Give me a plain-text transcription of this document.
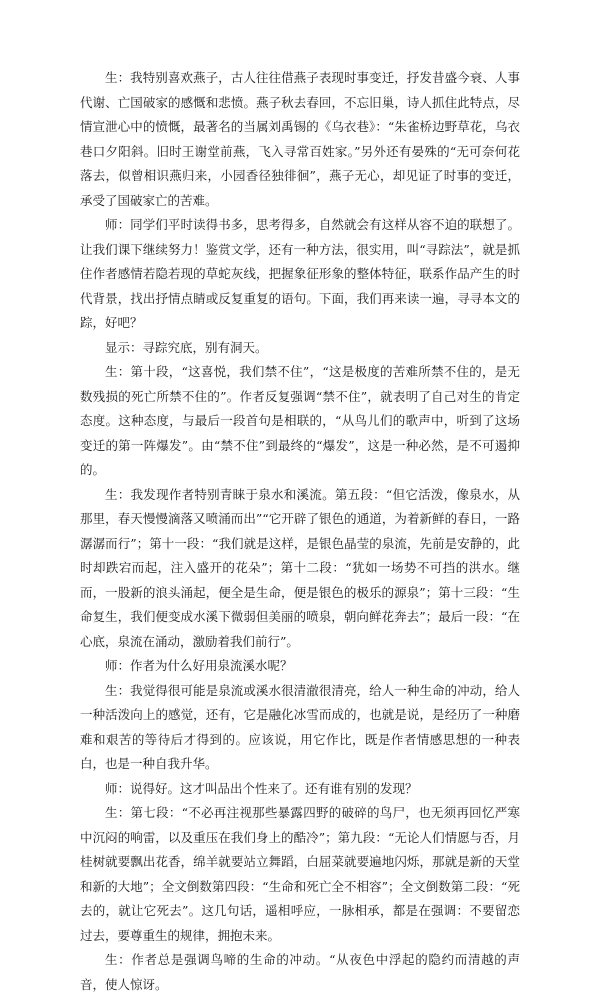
生：我特别喜欢燕子，古人往往借燕子表现时事变迁，抒发昔盛今衰、人事代谢、亡国破家的感慨和悲愤。燕子秋去春回，不忘旧巢，诗人抓住此特点，尽情宣泄心中的愤慨，最著名的当属刘禹锡的《乌衣巷》：“朱雀桥边野草花，乌衣巷口夕阳斜。旧时王谢堂前燕，飞入寻常百姓家。”另外还有晏殊的“无可奈何花落去，似曾相识燕归来，小园香径独徘徊”，燕子无心，却见证了时事的变迁，承受了国破家亡的苦难。

师：同学们平时读得书多，思考得多，自然就会有这样从容不迫的联想了。让我们课下继续努力！鉴赏文学，还有一种方法，很实用，叫“寻踪法”，就是抓住作者感情若隐若现的草蛇灰线，把握象征形象的整体特征，联系作品产生的时代背景，找出抒情点睛或反复重复的语句。下面，我们再来读一遍，寻寻本文的踪，好吧？

显示：寻踪究底，别有洞天。

生：第十段，“这喜悦，我们禁不住”，“这是极度的苦难所禁不住的，是无数残损的死亡所禁不住的”。作者反复强调“禁不住”，就表明了自己对生的肯定态度。这种态度，与最后一段首句是相联的，“从鸟儿们的歌声中，听到了这场变迁的第一阵爆发”。由“禁不住”到最终的“爆发”，这是一种必然，是不可遏抑的。

生：我发现作者特别青睐于泉水和溪流。第五段：“但它活泼，像泉水，从那里，春天慢慢滴落又喷涌而出”“它开辟了银色的通道，为着新鲜的春日，一路潺潺而行”；第十一段：“我们就是这样，是银色晶莹的泉流，先前是安静的，此时却跌宕而起，注入盛开的花朵”；第十二段：“犹如一场势不可挡的洪水。继而，一股新的浪头涌起，便全是生命，便是银色的极乐的源泉”；第十三段：“生命复生，我们便变成水溪下微弱但美丽的喷泉，朝向鲜花奔去”；最后一段：“在心底，泉流在涌动，激励着我们前行”。

师：作者为什么好用泉流溪水呢？

生：我觉得很可能是泉流或溪水很清澈很清亮，给人一种生命的冲动，给人一种活泼向上的感觉，还有，它是融化冰雪而成的，也就是说，是经历了一种磨难和艰苦的等待后才得到的。应该说，用它作比，既是作者情感思想的一种表白，也是一种自我升华。

师：说得好。这才叫品出个性来了。还有谁有别的发现？

生：第七段：“不必再注视那些暴露四野的破碎的鸟尸，也无须再回忆严寒中沉闷的响雷，以及重压在我们身上的酷冷”；第九段：“无论人们情愿与否，月桂树就要飘出花香，绵羊就要站立舞蹈，白屈菜就要遍地闪烁，那就是新的天堂和新的大地”；全文倒数第四段：“生命和死亡全不相容”；全文倒数第二段：“死去的，就让它死去”。这几句话，遥相呼应，一脉相承，都是在强调：不要留恋过去，要尊重生的规律，拥抱未来。

生：作者总是强调鸟啼的生命的冲动。“从夜色中浮起的隐约而清越的声音，使人惊讶。
